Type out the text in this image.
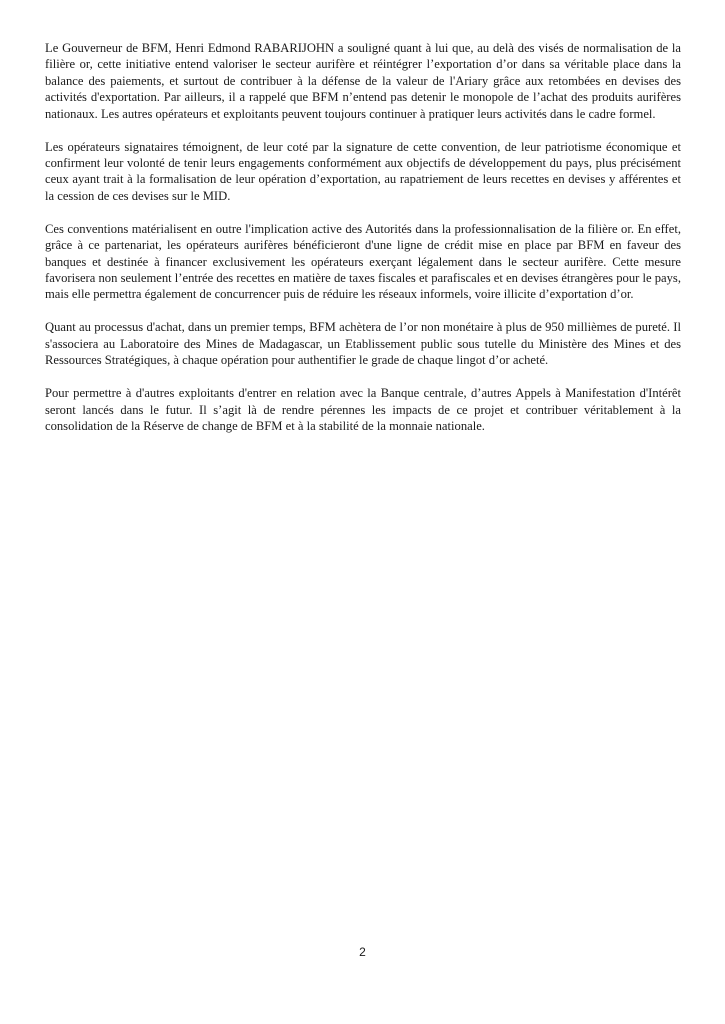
Le Gouverneur de BFM, Henri Edmond RABARIJOHN a souligné quant à lui que, au delà des visés de normalisation de la filière or, cette initiative entend valoriser le secteur aurifère et réintégrer l’exportation d’or dans sa véritable place dans la balance des paiements, et surtout de contribuer à la défense de la valeur de l'Ariary grâce aux retombées en devises des activités d'exportation. Par ailleurs, il a rappelé que BFM n’entend pas detenir le monopole de l’achat des produits aurifères nationaux. Les autres opérateurs et exploitants peuvent toujours continuer à pratiquer leurs activités dans le cadre formel.

Les opérateurs signataires témoignent, de leur coté par la signature de cette convention, de leur patriotisme économique et confirment leur volonté de tenir leurs engagements conformément aux objectifs de développement du pays, plus précisément ceux ayant trait à la formalisation de leur opération d’exportation, au rapatriement de leurs recettes en devises y afférentes et la cession de ces devises sur le MID.

Ces conventions matérialisent en outre l'implication active des Autorités dans la professionnalisation de la filière or. En effet, grâce à ce partenariat, les opérateurs aurifères bénéficieront d'une ligne de crédit mise en place par BFM en faveur des banques et destinée à financer exclusivement les opérateurs exerçant légalement dans le secteur aurifère. Cette mesure favorisera non seulement l’entrée des recettes en matière de taxes fiscales et parafiscales et en devises étrangères pour le pays, mais elle permettra également de concurrencer puis de réduire les réseaux informels, voire illicite d’exportation d’or.

Quant au processus d'achat, dans un premier temps, BFM achètera de l’or non monétaire à plus de 950 millièmes de pureté. Il s'associera au Laboratoire des Mines de Madagascar, un Etablissement public sous tutelle du Ministère des Mines et des Ressources Stratégiques, à chaque opération pour authentifier le grade de chaque lingot d’or acheté.

Pour permettre à d'autres exploitants d'entrer en relation avec la Banque centrale, d’autres Appels à Manifestation d'Intérêt seront lancés dans le futur. Il s’agit là de rendre pérennes les impacts de ce projet et contribuer véritablement à la consolidation de la Réserve de change de BFM et à la stabilité de la monnaie nationale.

2
